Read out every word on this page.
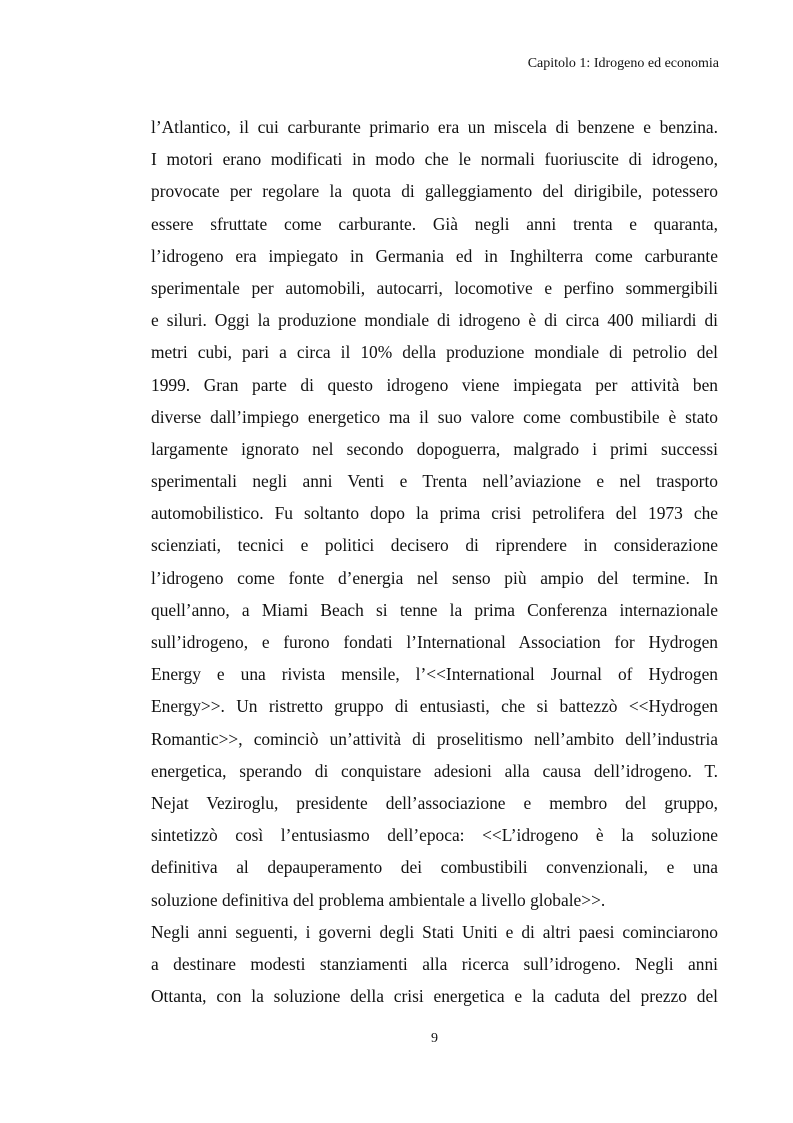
Capitolo 1: Idrogeno ed economia
l’Atlantico, il cui carburante primario era un miscela di benzene e benzina.
I motori erano modificati in modo che le normali fuoriuscite di idrogeno,
provocate per regolare la quota di galleggiamento del dirigibile, potessero
essere sfruttate come carburante. Già negli anni trenta e quaranta,
l’idrogeno era impiegato in Germania ed in Inghilterra come carburante
sperimentale per automobili, autocarri, locomotive e perfino sommergibili
e siluri. Oggi la produzione mondiale di idrogeno è di circa 400 miliardi di
metri cubi, pari a circa il 10% della produzione mondiale di petrolio del
1999. Gran parte di questo idrogeno viene impiegata per attività ben
diverse dall’impiego energetico ma il suo valore come combustibile è stato
largamente ignorato nel secondo dopoguerra, malgrado i primi successi
sperimentali negli anni Venti e Trenta nell’aviazione e nel trasporto
automobilistico. Fu soltanto dopo la prima crisi petrolifera del 1973 che
scienziati, tecnici e politici decisero di riprendere in considerazione
l’idrogeno come fonte d’energia nel senso più ampio del termine. In
quell’anno, a Miami Beach si tenne la prima Conferenza internazionale
sull’idrogeno, e furono fondati l’International Association for Hydrogen
Energy e una rivista mensile, l’<<International Journal of Hydrogen
Energy>>. Un ristretto gruppo di entusiasti, che si battezzò <<Hydrogen
Romantic>>, cominciò un’attività di proselitismo nell’ambito dell’industria
energetica, sperando di conquistare adesioni alla causa dell’idrogeno. T.
Nejat Veziroglu, presidente dell’associazione e membro del gruppo,
sintetizzò così l’entusiasmo dell’epoca: <<L’idrogeno è la soluzione
definitiva al depauperamento dei combustibili convenzionali, e una
soluzione definitiva del problema ambientale a livello globale>>.
Negli anni seguenti, i governi degli Stati Uniti e di altri paesi cominciarono
a destinare modesti stanziamenti alla ricerca sull’idrogeno. Negli anni
Ottanta, con la soluzione della crisi energetica e la caduta del prezzo del
9
